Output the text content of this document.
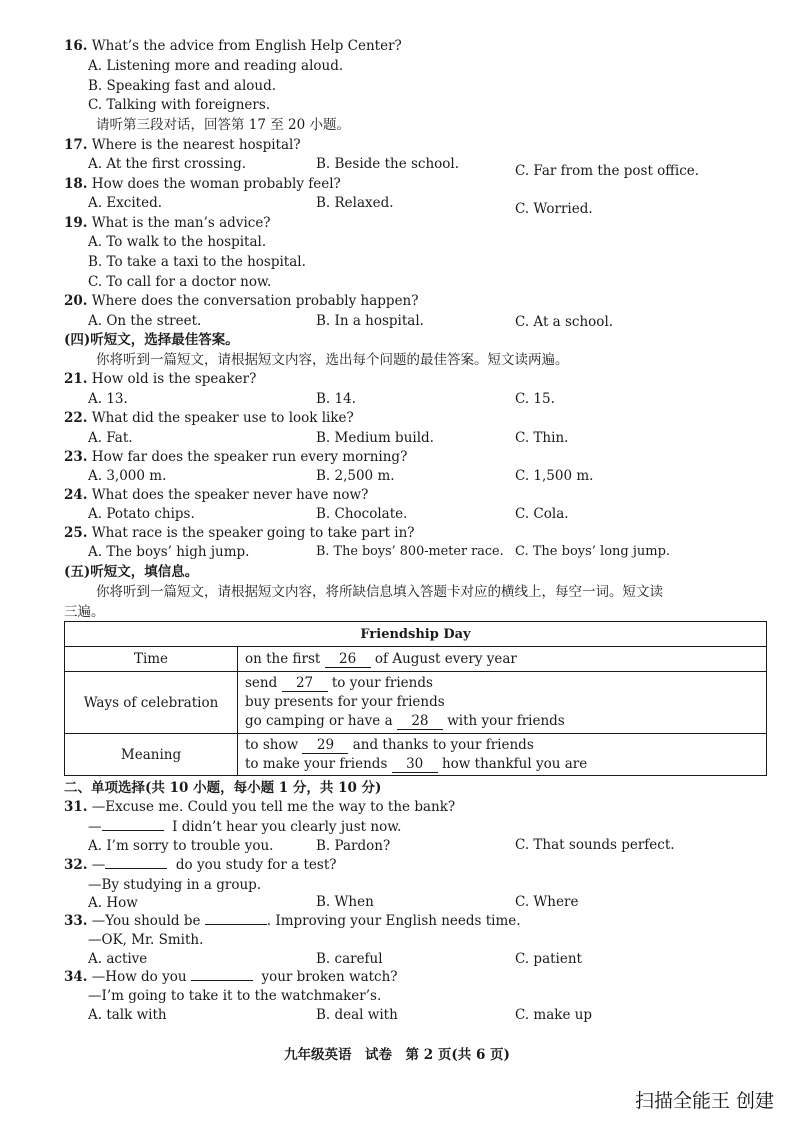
16. What’s the advice from English Help Center?
A. Listening more and reading aloud.
B. Speaking fast and aloud.
C. Talking with foreigners.
请听第三段对话，回答第 17 至 20 小题。
17. Where is the nearest hospital?
A. At the first crossing.	B. Beside the school.	C. Far from the post office.
18. How does the woman probably feel?
A. Excited.	B. Relaxed.	C. Worried.
19. What is the man’s advice?
A. To walk to the hospital.
B. To take a taxi to the hospital.
C. To call for a doctor now.
20. Where does the conversation probably happen?
A. On the street.	B. In a hospital.	C. At a school.
(四)听短文，选择最佳答案。
你将听到一篇短文，请根据短文内容，选出每个问题的最佳答案。短文读两遍。
21. How old is the speaker?
A. 13.	B. 14.	C. 15.
22. What did the speaker use to look like?
A. Fat.	B. Medium build.	C. Thin.
23. How far does the speaker run every morning?
A. 3,000 m.	B. 2,500 m.	C. 1,500 m.
24. What does the speaker never have now?
A. Potato chips.	B. Chocolate.	C. Cola.
25. What race is the speaker going to take part in?
A. The boys’ high jump.	B. The boys’ 800-meter race. C. The boys’ long jump.
(五)听短文，填信息。
你将听到一篇短文，请根据短文内容，将所缺信息填入答题卡对应的横线上，每空一词。短文读
三遍。
Friendship Day	
Time	on the first 26 of August every year
Ways of celebration	send 27 to your friends
buy presents for your friends
go camping or have a 28 with your friends

Meaning	to show 29 and thanks to your friends
to make your friends 30 how thankful you are
二、单项选择(共 10 小题，每小题 1 分，共 10 分)
31. —Excuse me. Could you tell me the way to the bank?
—	I didn’t hear you clearly just now.
A. I’m sorry to trouble you.	B. Pardon?	C. That sounds perfect.
32. —	do you study for a test?
—By studying in a group.
A. How	B. When	C. Where
33. —You should be	. Improving your English needs time.
—OK, Mr. Smith.
A. active	B. careful	C. patient
34. —How do you	your broken watch?
—I’m going to take it to the watchmaker’s.
A. talk with	B. deal with	C. make up
九年级英语　试卷　第 2 页(共 6 页)
扫描全能王 创建
